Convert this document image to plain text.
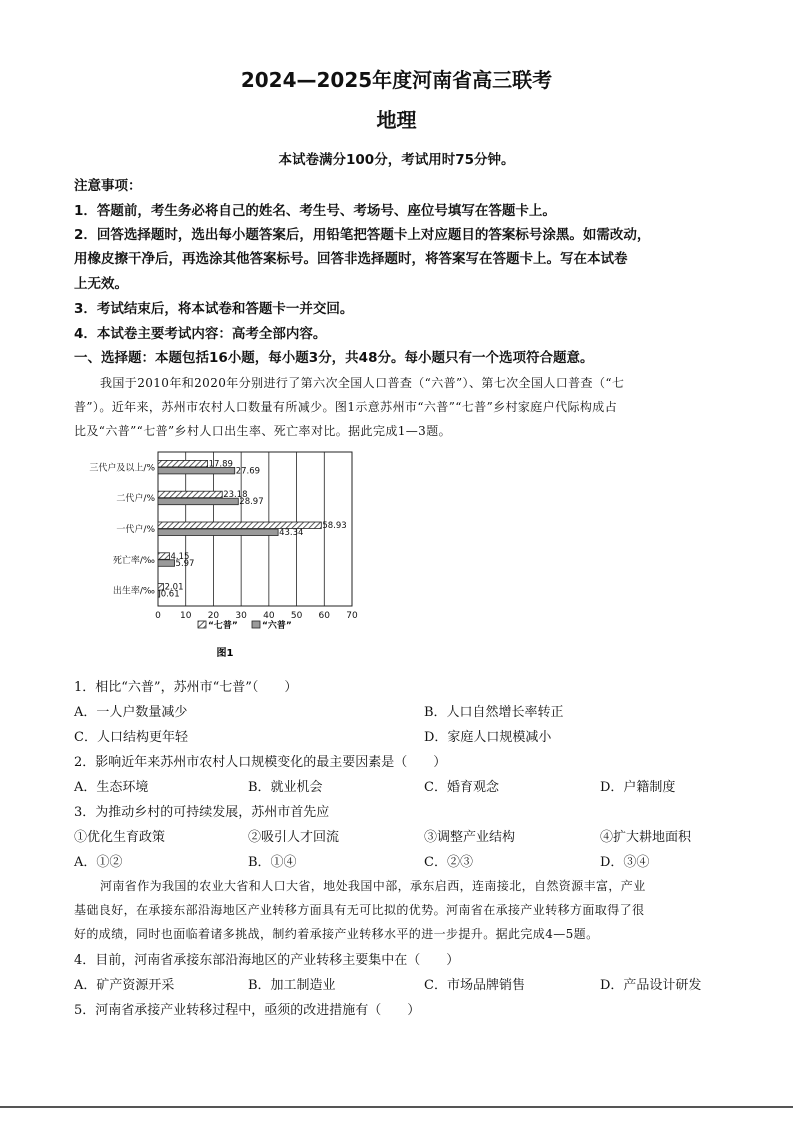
2024—2025年度河南省高三联考
地理
本试卷满分100分，考试用时75分钟。
注意事项：
1．答题前，考生务必将自己的姓名、考生号、考场号、座位号填写在答题卡上。
2．回答选择题时，选出每小题答案后，用铅笔把答题卡上对应题目的答案标号涂黑。如需改动，
用橡皮擦干净后，再选涂其他答案标号。回答非选择题时，将答案写在答题卡上。写在本试卷
上无效。
3．考试结束后，将本试卷和答题卡一并交回。
4．本试卷主要考试内容：高考全部内容。
一、选择题：本题包括16小题，每小题3分，共48分。每小题只有一个选项符合题意。
我国于2010年和2020年分别进行了第六次全国人口普查（“六普”）、第七次全国人口普查（“七
普”）。近年来，苏州市农村人口数量有所减少。图1示意苏州市“六普”“七普”乡村家庭户代际构成占
比及“六普”“七普”乡村人口出生率、死亡率对比。据此完成1—3题。
三代户及以上/%	17.89
27.69
二代户/%	23.18
28.97
一代户/%	58.93
43.34
死亡率/‰ 4.15
5.97
出生率/‰ 2.01
0.61
0 10 20 30 40 50 60 70
“七普”	“六普”
图1
1．相比“六普”，苏州市“七普”（　　）
A．一人户数量减少	B．人口自然增长率转正
C．人口结构更年轻	D．家庭人口规模减小
2．影响近年来苏州市农村人口规模变化的最主要因素是（　　）
A．生态环境	B．就业机会	C．婚育观念	D．户籍制度
3．为推动乡村的可持续发展，苏州市首先应
①优化生育政策	②吸引人才回流	③调整产业结构	④扩大耕地面积
A．①②	B．①④	C．②③	D．③④
河南省作为我国的农业大省和人口大省，地处我国中部，承东启西，连南接北，自然资源丰富，产业
基础良好，在承接东部沿海地区产业转移方面具有无可比拟的优势。河南省在承接产业转移方面取得了很
好的成绩，同时也面临着诸多挑战，制约着承接产业转移水平的进一步提升。据此完成4—5题。
4．目前，河南省承接东部沿海地区的产业转移主要集中在（　　）
A．矿产资源开采	B．加工制造业	C．市场品牌销售	D．产品设计研发
5．河南省承接产业转移过程中，亟须的改进措施有（　　）
